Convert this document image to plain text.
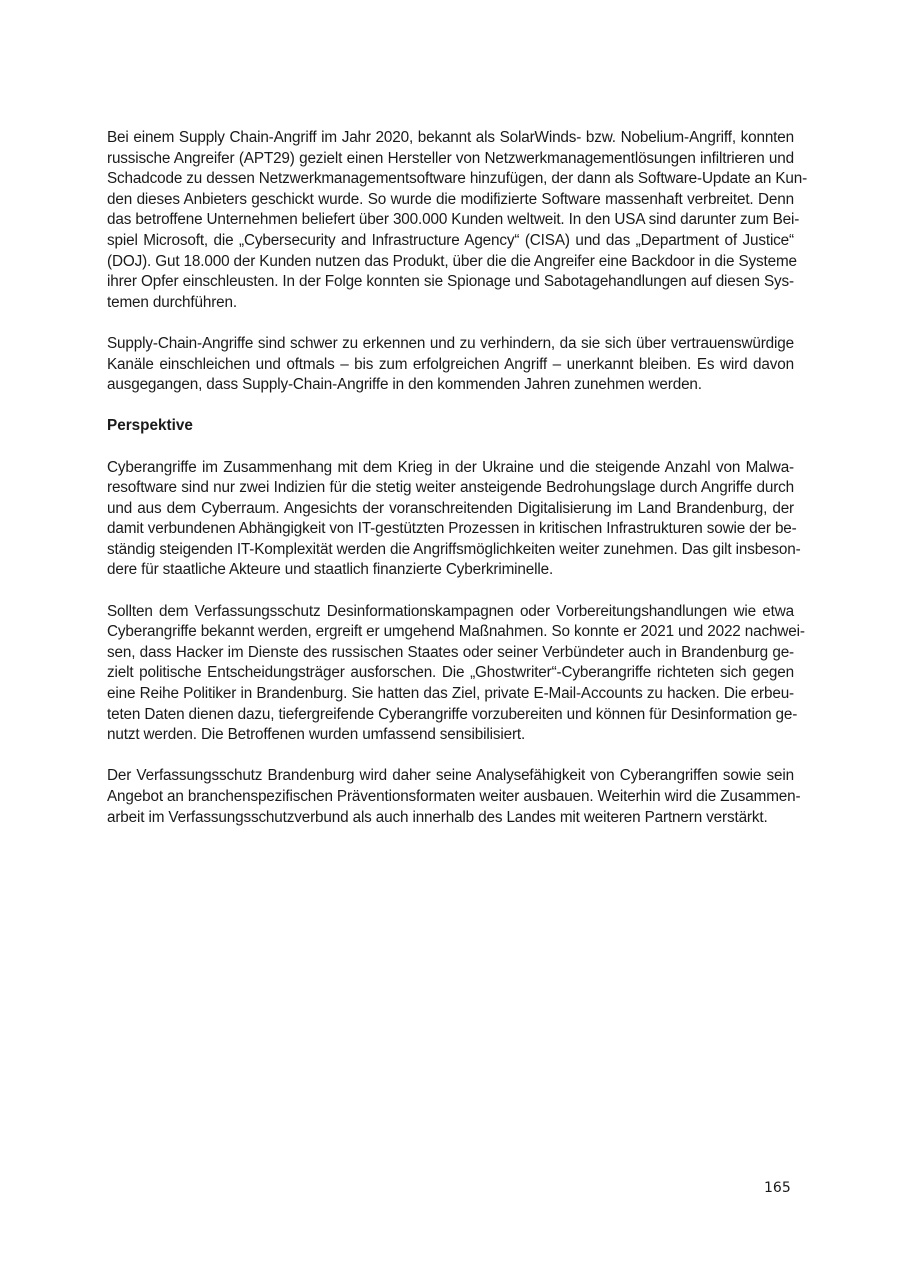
Bei einem Supply Chain-Angriff im Jahr 2020, bekannt als SolarWinds- bzw. Nobelium-Angriff, konnten
russische Angreifer (APT29) gezielt einen Hersteller von Netzwerkmanagementlösungen infiltrieren und
Schadcode zu dessen Netzwerkmanagementsoftware hinzufügen, der dann als Software-Update an Kun-
den dieses Anbieters geschickt wurde. So wurde die modifizierte Software massenhaft verbreitet. Denn
das betroffene Unternehmen beliefert über 300.000 Kunden weltweit. In den USA sind darunter zum Bei-
spiel Microsoft, die „Cybersecurity and Infrastructure Agency“ (CISA) und das „Department of Justice“
(DOJ). Gut 18.000 der Kunden nutzen das Produkt, über die die Angreifer eine Backdoor in die Systeme
ihrer Opfer einschleusten. In der Folge konnten sie Spionage und Sabotagehandlungen auf diesen Sys-
temen durchführen.

Supply-Chain-Angriffe sind schwer zu erkennen und zu verhindern, da sie sich über vertrauenswürdige
Kanäle einschleichen und oftmals – bis zum erfolgreichen Angriff – unerkannt bleiben. Es wird davon
ausgegangen, dass Supply-Chain-Angriffe in den kommenden Jahren zunehmen werden.

Perspektive

Cyberangriffe im Zusammenhang mit dem Krieg in der Ukraine und die steigende Anzahl von Malwa-
resoftware sind nur zwei Indizien für die stetig weiter ansteigende Bedrohungslage durch Angriffe durch
und aus dem Cyberraum. Angesichts der voranschreitenden Digitalisierung im Land Brandenburg, der
damit verbundenen Abhängigkeit von IT-gestützten Prozessen in kritischen Infrastrukturen sowie der be-
ständig steigenden IT-Komplexität werden die Angriffsmöglichkeiten weiter zunehmen. Das gilt insbeson-
dere für staatliche Akteure und staatlich finanzierte Cyberkriminelle.

Sollten dem Verfassungsschutz Desinformationskampagnen oder Vorbereitungshandlungen wie etwa
Cyberangriffe bekannt werden, ergreift er umgehend Maßnahmen. So konnte er 2021 und 2022 nachwei-
sen, dass Hacker im Dienste des russischen Staates oder seiner Verbündeter auch in Brandenburg ge-
zielt politische Entscheidungsträger ausforschen. Die „Ghostwriter“-Cyberangriffe richteten sich gegen
eine Reihe Politiker in Brandenburg. Sie hatten das Ziel, private E-Mail-Accounts zu hacken. Die erbeu-
teten Daten dienen dazu, tiefergreifende Cyberangriffe vorzubereiten und können für Desinformation ge-
nutzt werden. Die Betroffenen wurden umfassend sensibilisiert.

Der Verfassungsschutz Brandenburg wird daher seine Analysefähigkeit von Cyberangriffen sowie sein
Angebot an branchenspezifischen Präventionsformaten weiter ausbauen. Weiterhin wird die Zusammen-
arbeit im Verfassungsschutzverbund als auch innerhalb des Landes mit weiteren Partnern verstärkt.

165
